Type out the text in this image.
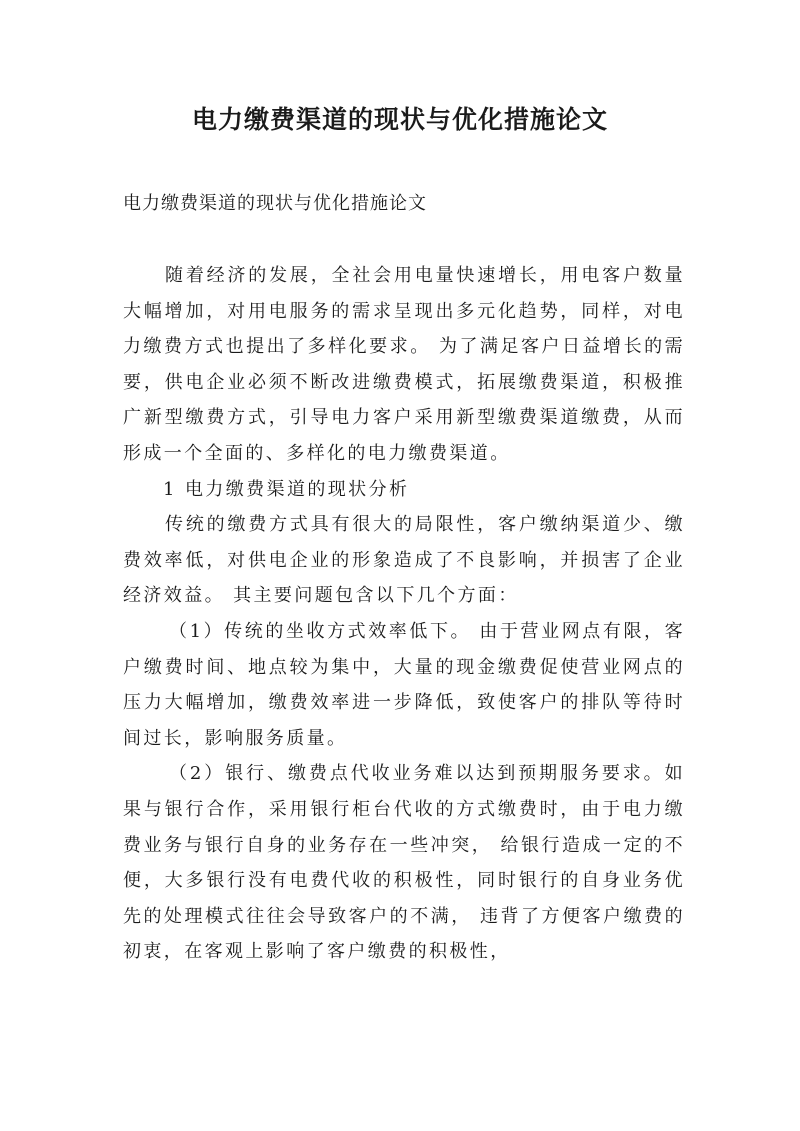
电力缴费渠道的现状与优化措施论文

电力缴费渠道的现状与优化措施论文

随着经济的发展，全社会用电量快速增长，用电客户数量大幅增加，对用电服务的需求呈现出多元化趋势，同样，对电力缴费方式也提出了多样化要求。 为了满足客户日益增长的需要，供电企业必须不断改进缴费模式，拓展缴费渠道，积极推广新型缴费方式，引导电力客户采用新型缴费渠道缴费，从而形成一个全面的、多样化的电力缴费渠道。

1 电力缴费渠道的现状分析

传统的缴费方式具有很大的局限性，客户缴纳渠道少、缴费效率低，对供电企业的形象造成了不良影响，并损害了企业经济效益。 其主要问题包含以下几个方面：

（1）传统的坐收方式效率低下。 由于营业网点有限，客户缴费时间、地点较为集中，大量的现金缴费促使营业网点的压力大幅增加，缴费效率进一步降低，致使客户的排队等待时间过长，影响服务质量。

（2）银行、缴费点代收业务难以达到预期服务要求。如果与银行合作，采用银行柜台代收的方式缴费时，由于电力缴费业务与银行自身的业务存在一些冲突， 给银行造成一定的不便，大多银行没有电费代收的积极性，同时银行的自身业务优先的处理模式往往会导致客户的不满， 违背了方便客户缴费的初衷，在客观上影响了客户缴费的积极性，
